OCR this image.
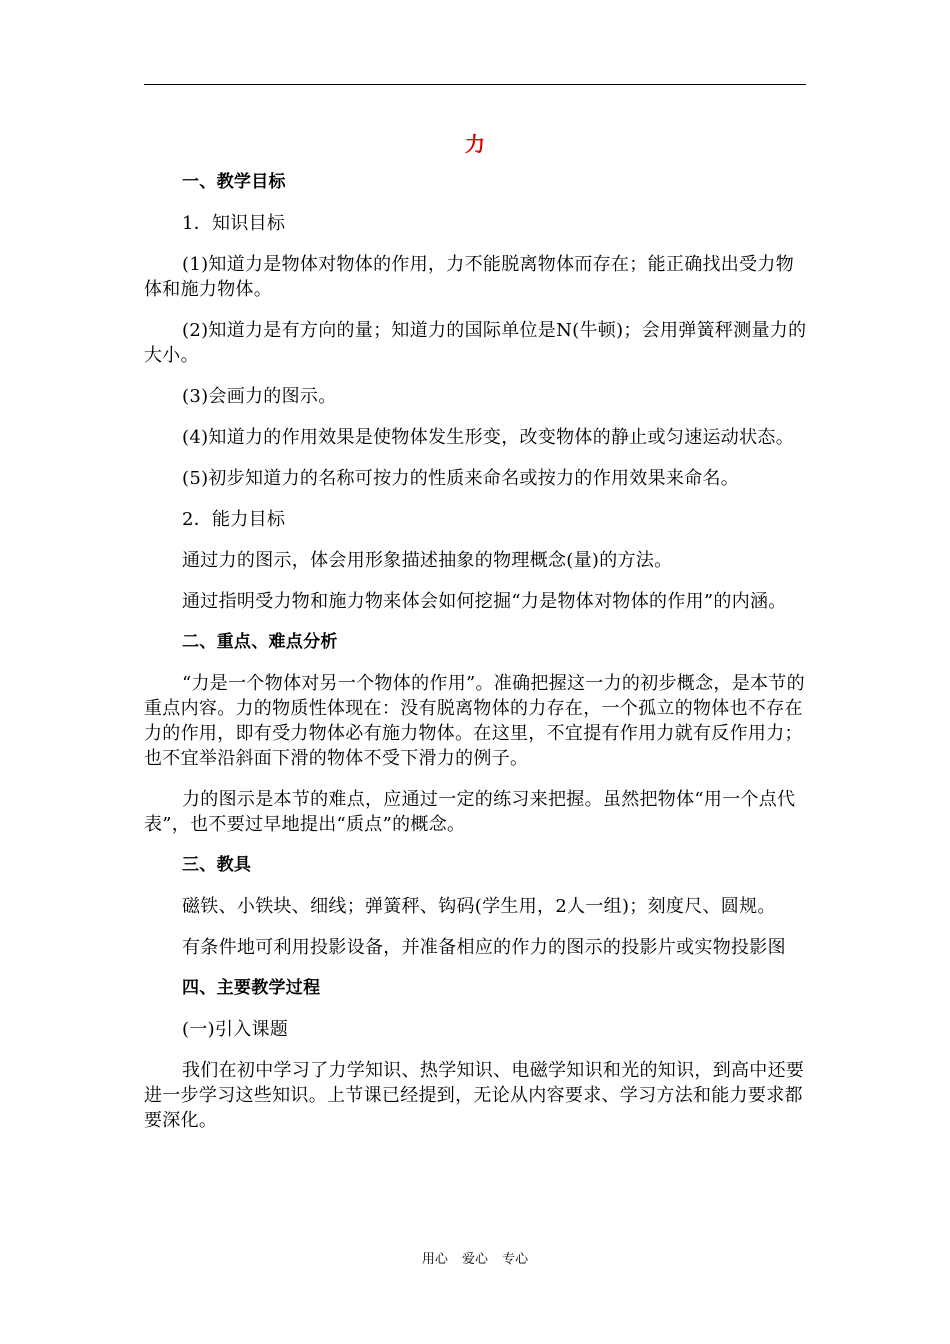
力

一、教学目标

1．知识目标

(1)知道力是物体对物体的作用，力不能脱离物体而存在；能正确找出受力物体和施力物体。

(2)知道力是有方向的量；知道力的国际单位是N(牛顿)；会用弹簧秤测量力的大小。

(3)会画力的图示。

(4)知道力的作用效果是使物体发生形变，改变物体的静止或匀速运动状态。

(5)初步知道力的名称可按力的性质来命名或按力的作用效果来命名。

2．能力目标

通过力的图示，体会用形象描述抽象的物理概念(量)的方法。

通过指明受力物和施力物来体会如何挖掘“力是物体对物体的作用”的内涵。

二、重点、难点分析

“力是一个物体对另一个物体的作用”。准确把握这一力的初步概念，是本节的重点内容。力的物质性体现在：没有脱离物体的力存在，一个孤立的物体也不存在力的作用，即有受力物体必有施力物体。在这里，不宜提有作用力就有反作用力；也不宜举沿斜面下滑的物体不受下滑力的例子。

力的图示是本节的难点，应通过一定的练习来把握。虽然把物体“用一个点代表”，也不要过早地提出“质点”的概念。

三、教具

磁铁、小铁块、细线；弹簧秤、钩码(学生用，2人一组)；刻度尺、圆规。

有条件地可利用投影设备，并准备相应的作力的图示的投影片或实物投影图

四、主要教学过程

(一)引入课题

我们在初中学习了力学知识、热学知识、电磁学知识和光的知识，到高中还要进一步学习这些知识。上节课已经提到，无论从内容要求、学习方法和能力要求都要深化。

用心 爱心 专心
